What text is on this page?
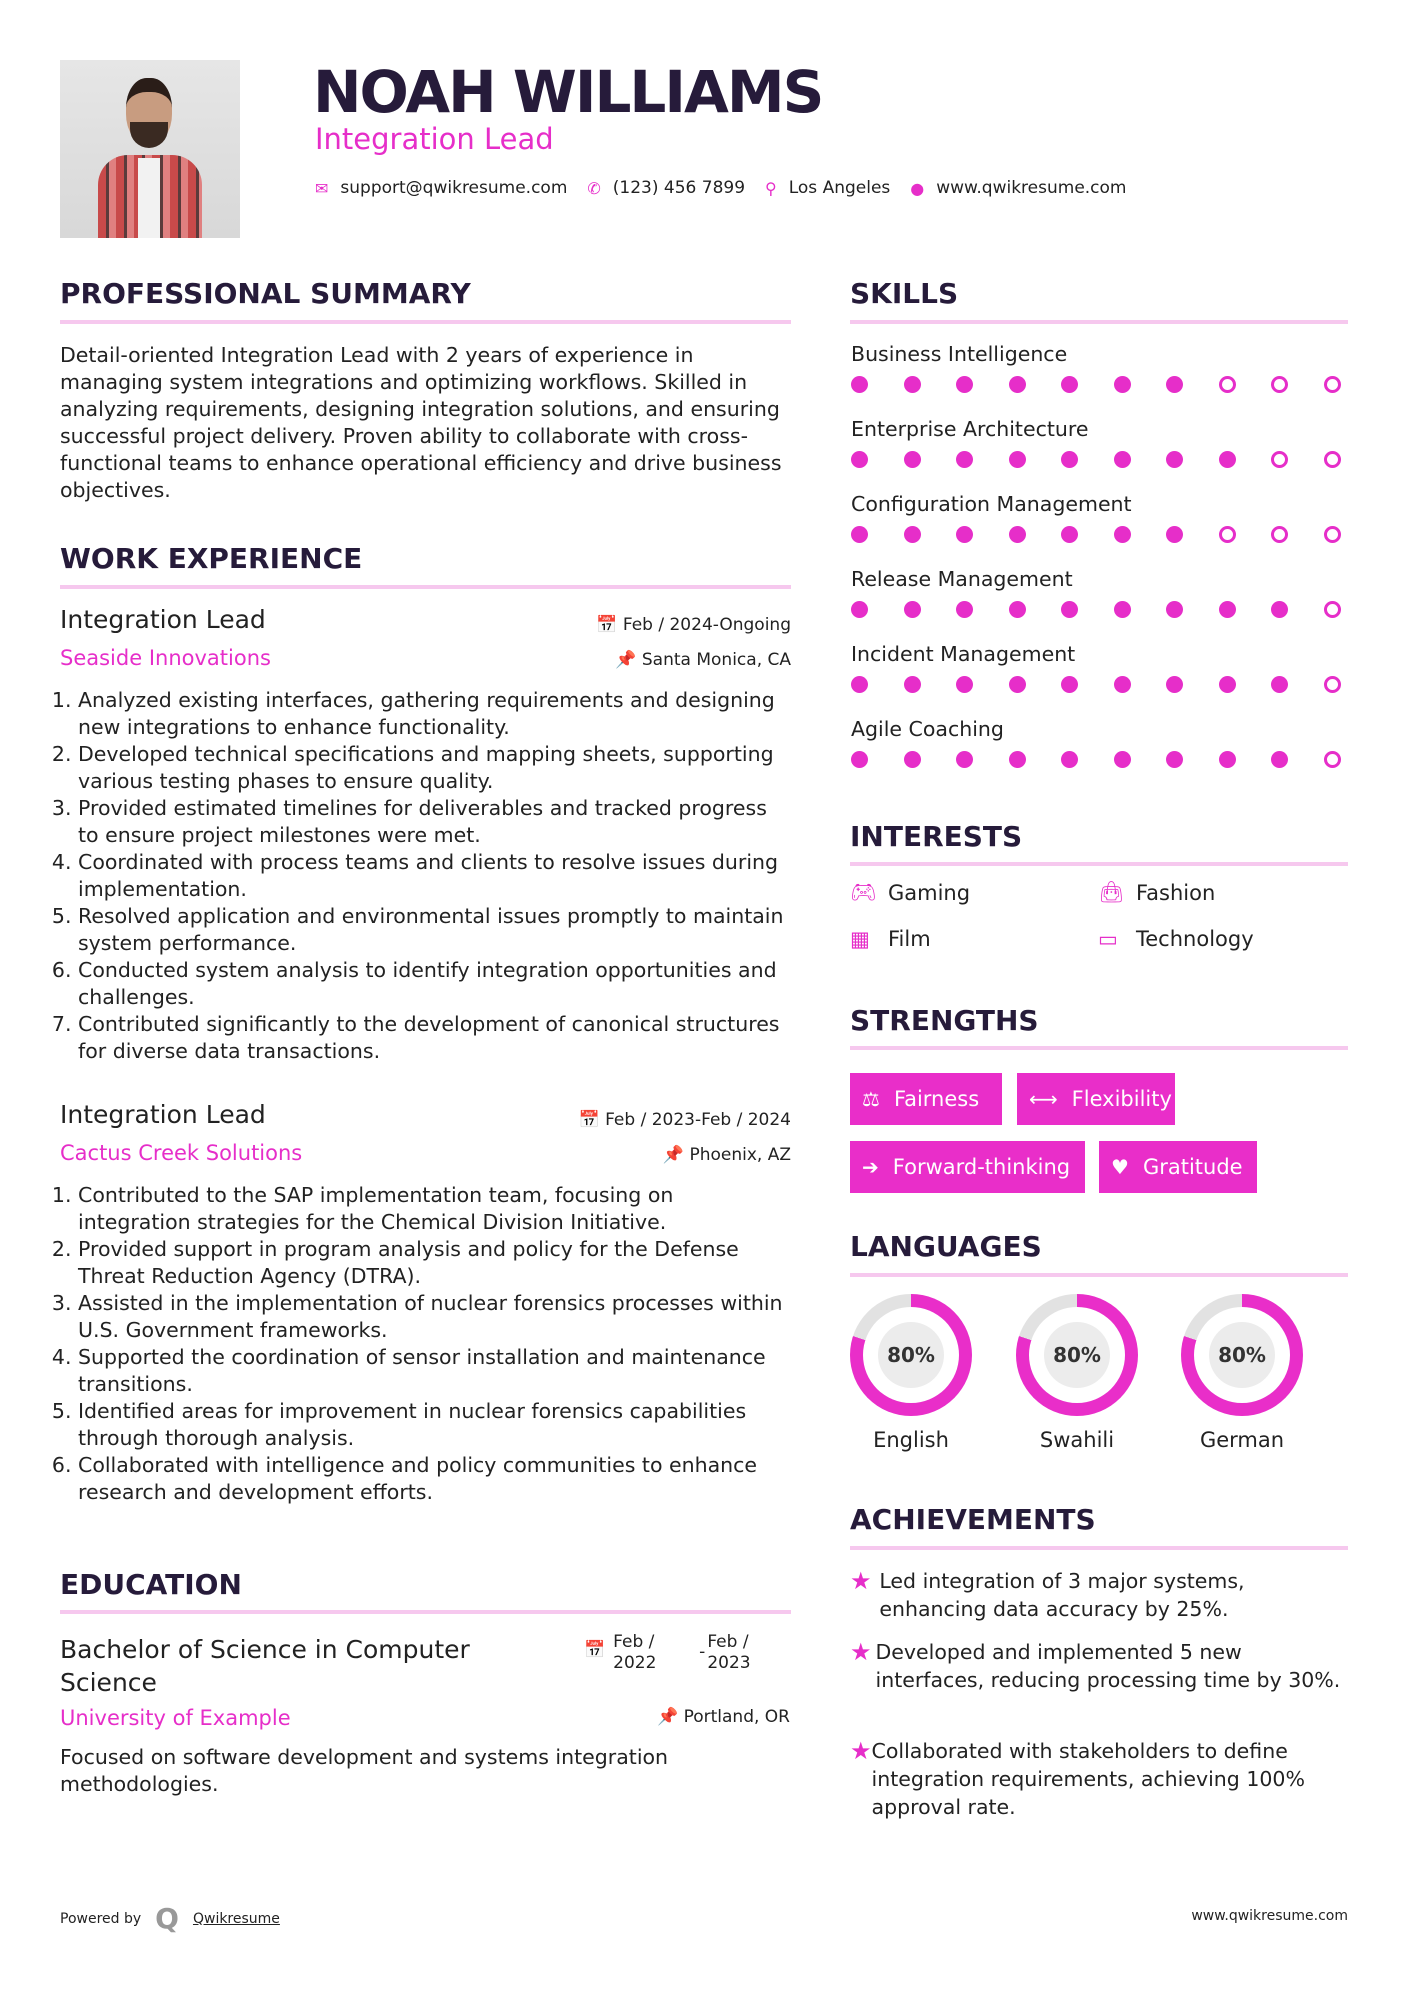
NOAH WILLIAMS
Integration Lead
✉ support@qwikresume.com ✆ (123) 456 7899 ⚲ Los Angeles ● www.qwikresume.com
PROFESSIONAL SUMMARY
Detail-oriented Integration Lead with 2 years of experience in managing system integrations and optimizing workflows. Skilled in analyzing requirements, designing integration solutions, and ensuring successful project delivery. Proven ability to collaborate with cross-functional teams to enhance operational efficiency and drive business objectives.
WORK EXPERIENCE
Integration Lead	📅 Feb / 2024-Ongoing
Seaside Innovations	📌 Santa Monica, CA
1. Analyzed existing interfaces, gathering requirements and designing new integrations to enhance functionality.
2. Developed technical specifications and mapping sheets, supporting various testing phases to ensure quality.
3. Provided estimated timelines for deliverables and tracked progress to ensure project milestones were met.
4. Coordinated with process teams and clients to resolve issues during implementation.
5. Resolved application and environmental issues promptly to maintain system performance.
6. Conducted system analysis to identify integration opportunities and challenges.
7. Contributed significantly to the development of canonical structures for diverse data transactions.
Integration Lead	📅 Feb / 2023-Feb / 2024
Cactus Creek Solutions	📌 Phoenix, AZ
1. Contributed to the SAP implementation team, focusing on integration strategies for the Chemical Division Initiative.
2. Provided support in program analysis and policy for the Defense Threat Reduction Agency (DTRA).
3. Assisted in the implementation of nuclear forensics processes within U.S. Government frameworks.
4. Supported the coordination of sensor installation and maintenance transitions.
5. Identified areas for improvement in nuclear forensics capabilities through thorough analysis.
6. Collaborated with intelligence and policy communities to enhance research and development efforts.
EDUCATION
Bachelor of Science in Computer Science
📅 Feb / 2022
- Feb / 2023
University of Example	📌 Portland, OR
Focused on software development and systems integration methodologies.
SKILLS
Business Intelligence
Enterprise Architecture
Configuration Management
Release Management
Incident Management
Agile Coaching
INTERESTS
🎮︎ Gaming	👜︎ Fashion
▦ Film	▭ Technology
STRENGTHS
⚖ Fairness ⟷ Flexibility
➔ Forward-thinking ♥ Gratitude
LANGUAGES
80%
English
80%
Swahili
80%
German
ACHIEVEMENTS
★ Led integration of 3 major systems, enhancing data accuracy by 25%.
★ Developed and implemented 5 new interfaces, reducing processing time by 30%.
★ Collaborated with stakeholders to define integration requirements, achieving 100% approval rate.
Powered by Q Qwikresume	www.qwikresume.com
